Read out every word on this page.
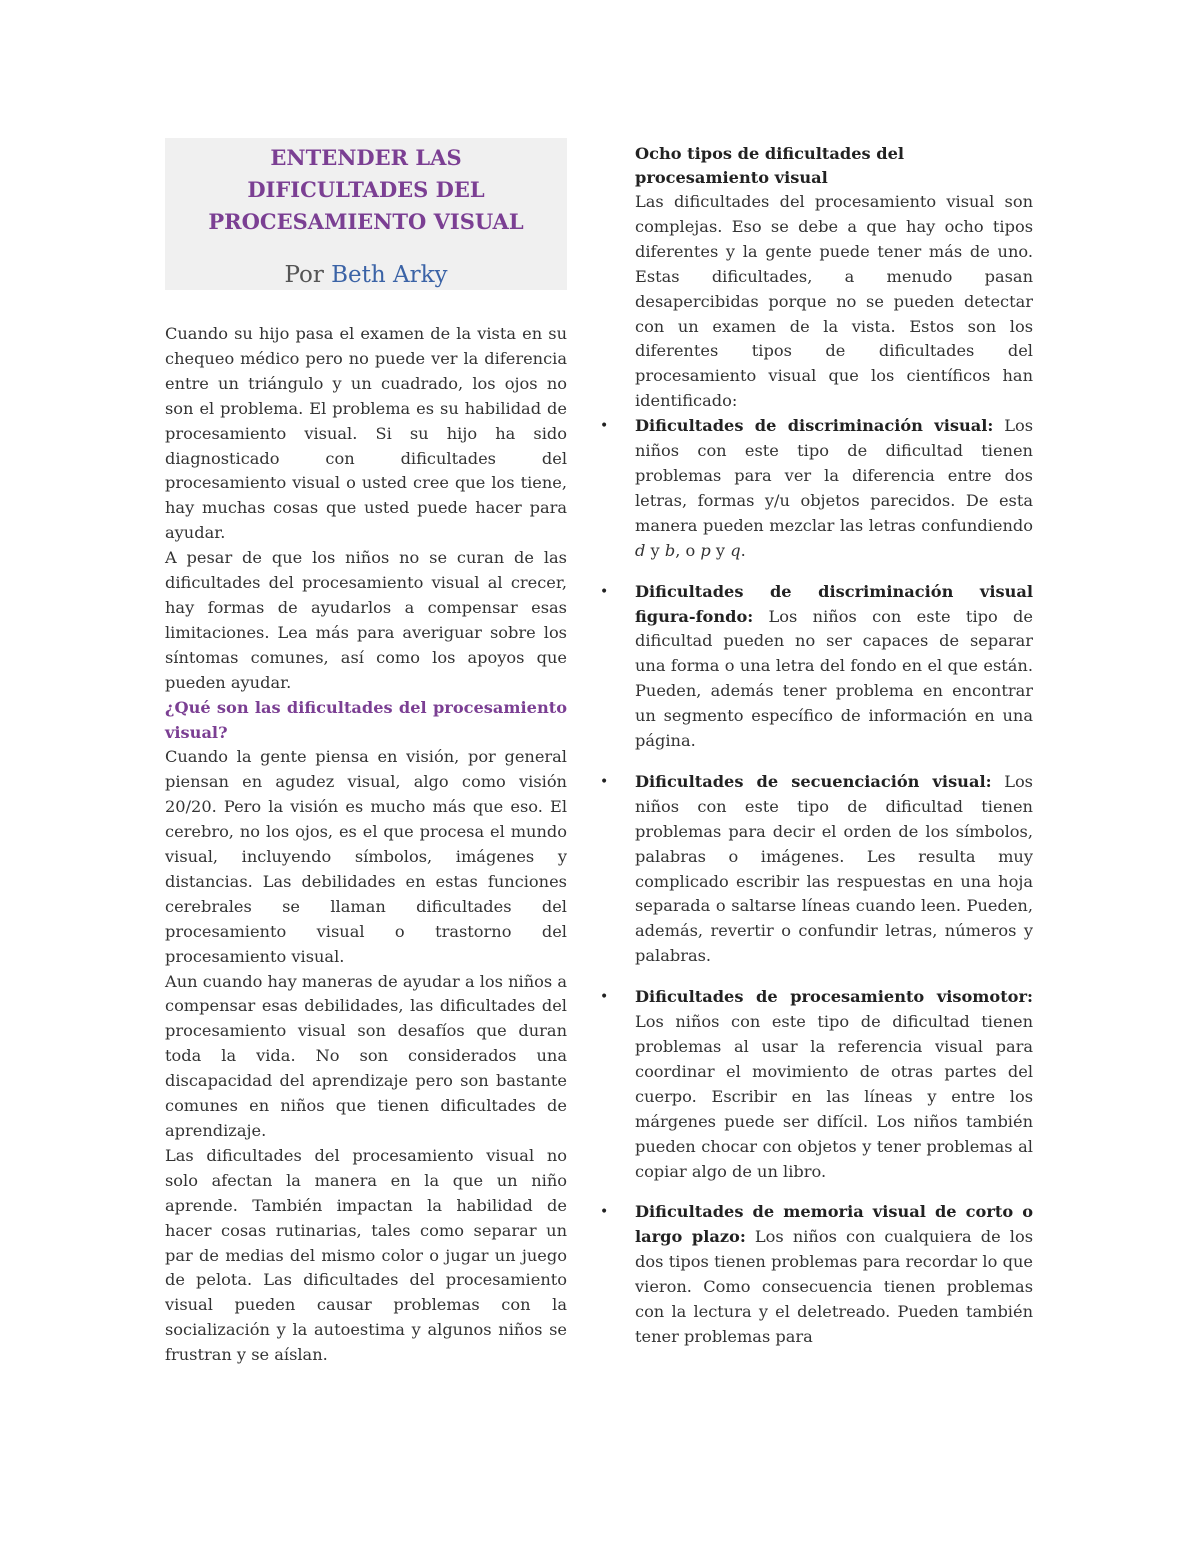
ENTENDER LAS
DIFICULTADES DEL
PROCESAMIENTO VISUAL
Por Beth Arky

Cuando su hijo pasa el examen de la vista en su chequeo médico pero no puede ver la diferencia entre un triángulo y un cuadrado, los ojos no son el problema. El problema es su habilidad de procesamiento visual. Si su hijo ha sido diagnosticado con dificultades del procesamiento visual o usted cree que los tiene, hay muchas cosas que usted puede hacer para ayudar.

A pesar de que los niños no se curan de las dificultades del procesamiento visual al crecer, hay formas de ayudarlos a compensar esas limitaciones. Lea más para averiguar sobre los síntomas comunes, así como los apoyos que pueden ayudar.

¿Qué son las dificultades del procesamiento visual?

Cuando la gente piensa en visión, por general piensan en agudez visual, algo como visión 20/20. Pero la visión es mucho más que eso. El cerebro, no los ojos, es el que procesa el mundo visual, incluyendo símbolos, imágenes y distancias. Las debilidades en estas funciones cerebrales se llaman dificultades del procesamiento visual o trastorno del procesamiento visual.

Aun cuando hay maneras de ayudar a los niños a compensar esas debilidades, las dificultades del procesamiento visual son desafíos que duran toda la vida. No son considerados una discapacidad del aprendizaje pero son bastante comunes en niños que tienen dificultades de aprendizaje.

Las dificultades del procesamiento visual no solo afectan la manera en la que un niño aprende. También impactan la habilidad de hacer cosas rutinarias, tales como separar un par de medias del mismo color o jugar un juego de pelota. Las dificultades del procesamiento visual pueden causar problemas con la socialización y la autoestima y algunos niños se frustran y se aíslan.

Ocho tipos de dificultades del procesamiento visual

Las dificultades del procesamiento visual son complejas. Eso se debe a que hay ocho tipos diferentes y la gente puede tener más de uno. Estas dificultades, a menudo pasan desapercibidas porque no se pueden detectar con un examen de la vista. Estos son los diferentes tipos de dificultades del procesamiento visual que los científicos han identificado:

• Dificultades de discriminación visual: Los niños con este tipo de dificultad tienen problemas para ver la diferencia entre dos letras, formas y/u objetos parecidos. De esta manera pueden mezclar las letras confundiendo d y b, o p y q.

• Dificultades de discriminación visual figura-fondo: Los niños con este tipo de dificultad pueden no ser capaces de separar una forma o una letra del fondo en el que están. Pueden, además tener problema en encontrar un segmento específico de información en una página.

• Dificultades de secuenciación visual: Los niños con este tipo de dificultad tienen problemas para decir el orden de los símbolos, palabras o imágenes. Les resulta muy complicado escribir las respuestas en una hoja separada o saltarse líneas cuando leen. Pueden, además, revertir o confundir letras, números y palabras.

• Dificultades de procesamiento visomotor: Los niños con este tipo de dificultad tienen problemas al usar la referencia visual para coordinar el movimiento de otras partes del cuerpo. Escribir en las líneas y entre los márgenes puede ser difícil. Los niños también pueden chocar con objetos y tener problemas al copiar algo de un libro.

• Dificultades de memoria visual de corto o largo plazo: Los niños con cualquiera de los dos tipos tienen problemas para recordar lo que vieron. Como consecuencia tienen problemas con la lectura y el deletreado. Pueden también tener problemas para
